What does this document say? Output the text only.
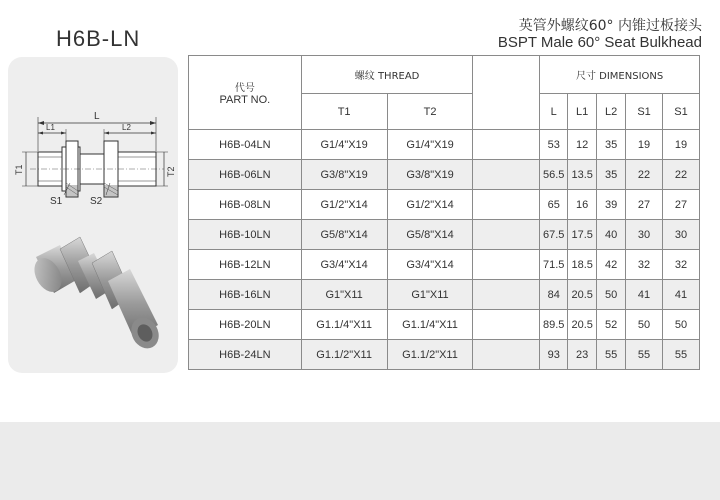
H6B-LN	英管外螺纹60° 内锥过板接头
BSPT Male 60° Seat Bulkhead
L
L1	L2
T1	T2
S1	S2
代号
PART NO.	螺纹 THREAD			尺寸 DIMENSIONS				
	T1	T2		L	L1	L2	S1	S1
H6B-04LN	G1/4"X19	G1/4"X19		53	12	35	19	19
H6B-06LN	G3/8"X19	G3/8"X19		56.5	13.5	35	22	22
H6B-08LN	G1/2"X14	G1/2"X14		65	16	39	27	27
H6B-10LN	G5/8"X14	G5/8"X14		67.5	17.5	40	30	30
H6B-12LN	G3/4"X14	G3/4"X14		71.5	18.5	42	32	32
H6B-16LN	G1"X11	G1"X11		84	20.5	50	41	41
H6B-20LN	G1.1/4"X11	G1.1/4"X11		89.5	20.5	52	50	50
H6B-24LN	G1.1/2"X11	G1.1/2"X11		93	23	55	55	55
